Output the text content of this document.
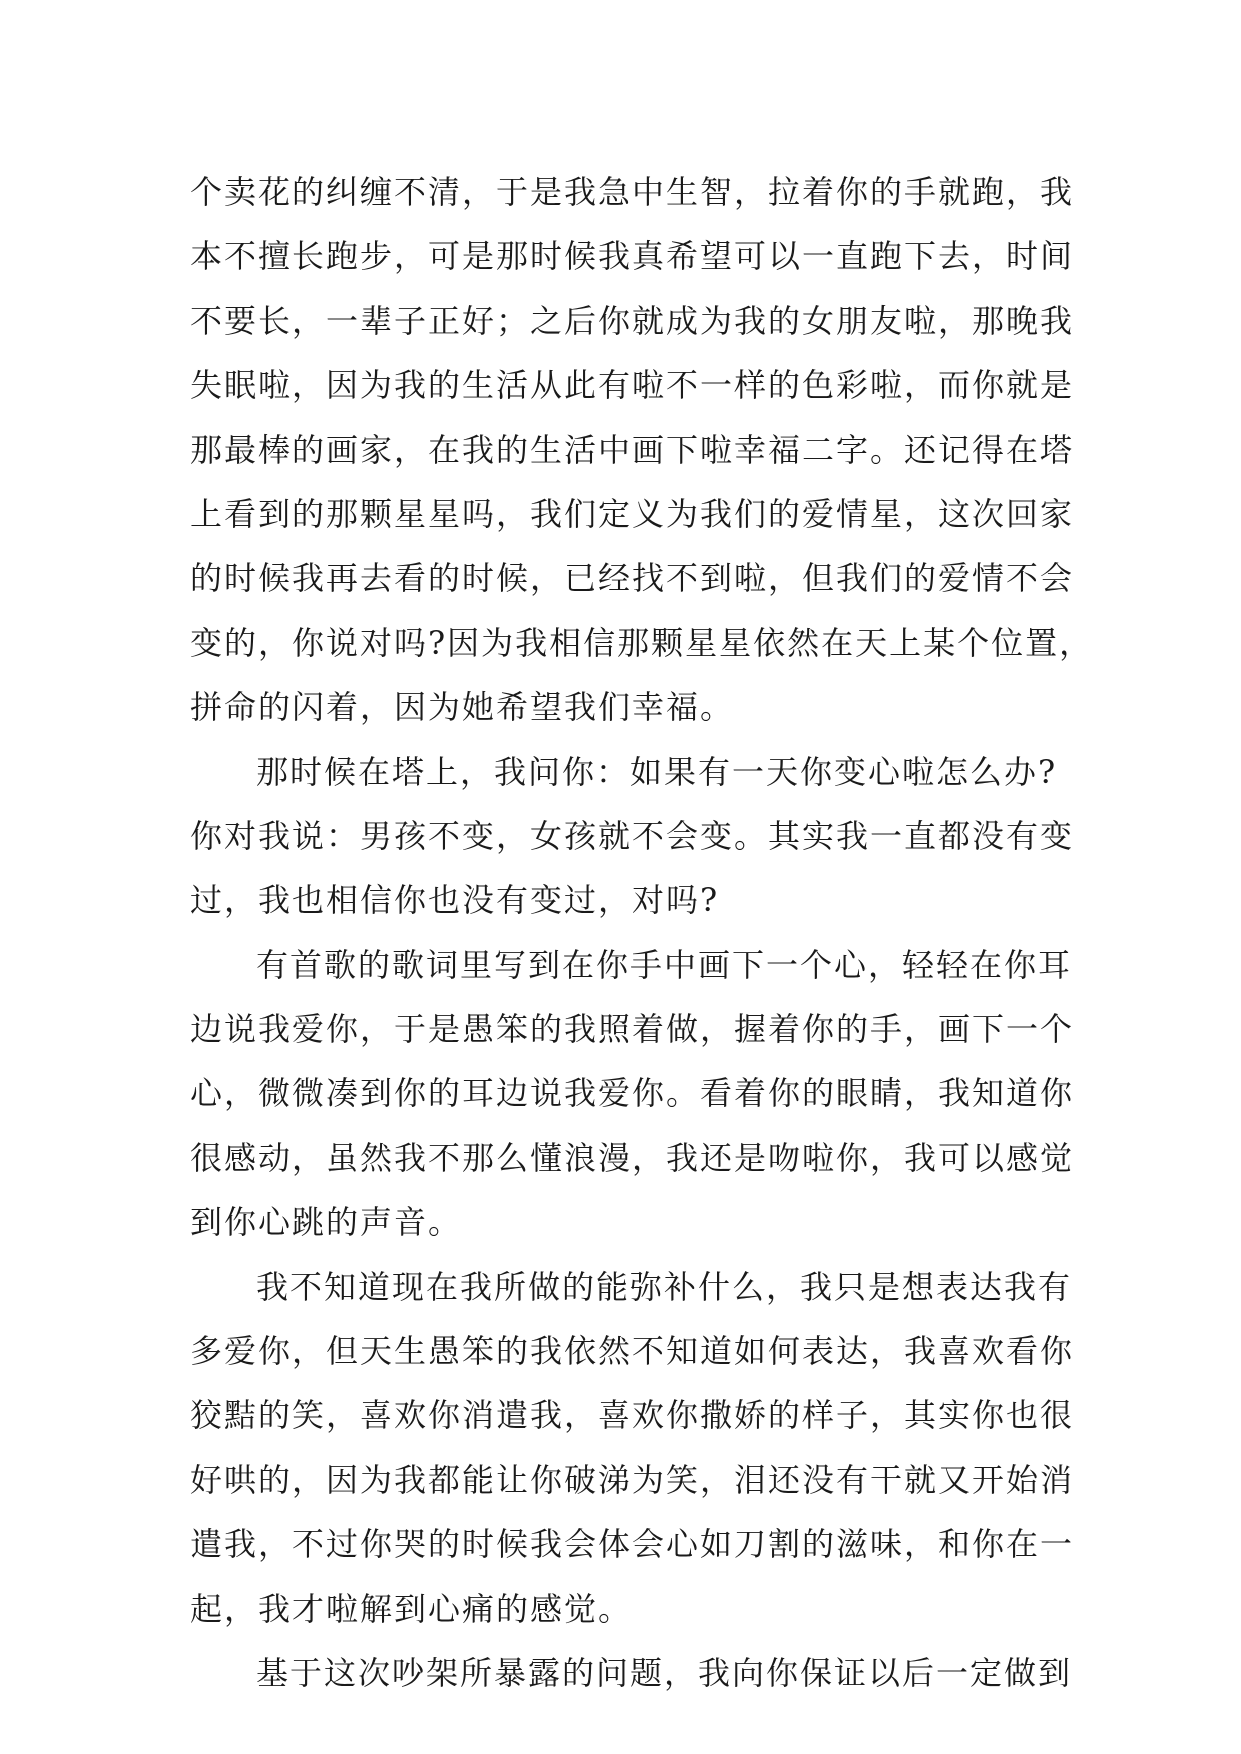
个卖花的纠缠不清，于是我急中生智，拉着你的手就跑，我
本不擅长跑步，可是那时候我真希望可以一直跑下去，时间
不要长，一辈子正好；之后你就成为我的女朋友啦，那晚我
失眠啦，因为我的生活从此有啦不一样的色彩啦，而你就是
那最棒的画家，在我的生活中画下啦幸福二字。还记得在塔
上看到的那颗星星吗，我们定义为我们的爱情星，这次回家
的时候我再去看的时候，已经找不到啦，但我们的爱情不会
变的，你说对吗?因为我相信那颗星星依然在天上某个位置，
拼命的闪着，因为她希望我们幸福。
那时候在塔上，我问你：如果有一天你变心啦怎么办?
你对我说：男孩不变，女孩就不会变。其实我一直都没有变
过，我也相信你也没有变过，对吗?
有首歌的歌词里写到在你手中画下一个心，轻轻在你耳
边说我爱你，于是愚笨的我照着做，握着你的手，画下一个
心，微微凑到你的耳边说我爱你。看着你的眼睛，我知道你
很感动，虽然我不那么懂浪漫，我还是吻啦你，我可以感觉
到你心跳的声音。
我不知道现在我所做的能弥补什么，我只是想表达我有
多爱你，但天生愚笨的我依然不知道如何表达，我喜欢看你
狡黠的笑，喜欢你消遣我，喜欢你撒娇的样子，其实你也很
好哄的，因为我都能让你破涕为笑，泪还没有干就又开始消
遣我，不过你哭的时候我会体会心如刀割的滋味，和你在一
起，我才啦解到心痛的感觉。
基于这次吵架所暴露的问题，我向你保证以后一定做到
